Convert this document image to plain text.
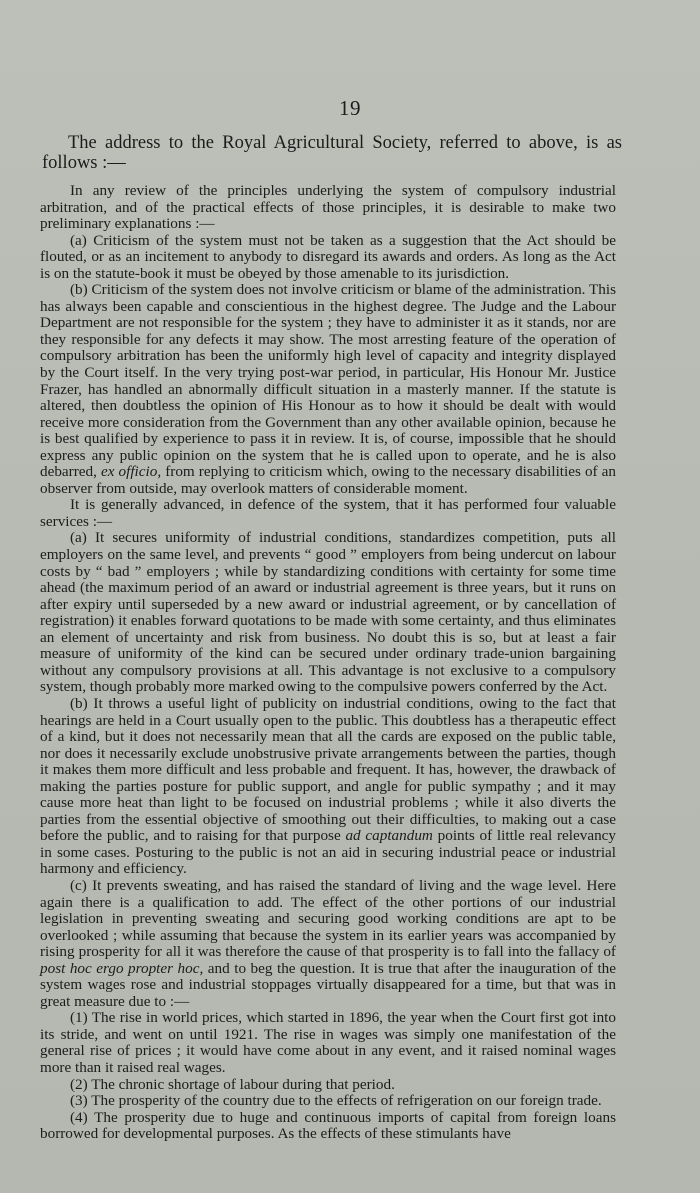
19

The address to the Royal Agricultural Society, referred to above, is as follows :—

In any review of the principles underlying the system of compulsory industrial arbitration, and of the practical effects of those principles, it is desirable to make two preliminary explanations :—

(a) Criticism of the system must not be taken as a suggestion that the Act should be flouted, or as an incitement to anybody to disregard its awards and orders. As long as the Act is on the statute-book it must be obeyed by those amenable to its jurisdiction.

(b) Criticism of the system does not involve criticism or blame of the administration. This has always been capable and conscientious in the highest degree. The Judge and the Labour Department are not responsible for the system ; they have to administer it as it stands, nor are they responsible for any defects it may show. The most arresting feature of the operation of compulsory arbitration has been the uniformly high level of capacity and integrity displayed by the Court itself. In the very trying post-war period, in particular, His Honour Mr. Justice Frazer, has handled an abnormally difficult situation in a masterly manner. If the statute is altered, then doubtless the opinion of His Honour as to how it should be dealt with would receive more consideration from the Government than any other available opinion, because he is best qualified by experience to pass it in review. It is, of course, impossible that he should express any public opinion on the system that he is called upon to operate, and he is also debarred, ex officio, from replying to criticism which, owing to the necessary disabilities of an observer from outside, may overlook matters of considerable moment.

It is generally advanced, in defence of the system, that it has performed four valuable services :—

(a) It secures uniformity of industrial conditions, standardizes competition, puts all employers on the same level, and prevents “ good ” employers from being undercut on labour costs by “ bad ” employers ; while by standardizing conditions with certainty for some time ahead (the maximum period of an award or industrial agreement is three years, but it runs on after expiry until superseded by a new award or industrial agreement, or by cancellation of registration) it enables forward quotations to be made with some certainty, and thus eliminates an element of uncertainty and risk from business. No doubt this is so, but at least a fair measure of uniformity of the kind can be secured under ordinary trade-union bargaining without any compulsory provisions at all. This advantage is not exclusive to a compulsory system, though probably more marked owing to the compulsive powers conferred by the Act.

(b) It throws a useful light of publicity on industrial conditions, owing to the fact that hearings are held in a Court usually open to the public. This doubtless has a therapeutic effect of a kind, but it does not necessarily mean that all the cards are exposed on the public table, nor does it necessarily exclude unobstrusive private arrangements between the parties, though it makes them more difficult and less probable and frequent. It has, however, the drawback of making the parties posture for public support, and angle for public sympathy ; and it may cause more heat than light to be focused on industrial problems ; while it also diverts the parties from the essential objective of smoothing out their difficulties, to making out a case before the public, and to raising for that purpose ad captandum points of little real relevancy in some cases. Posturing to the public is not an aid in securing industrial peace or industrial harmony and efficiency.

(c) It prevents sweating, and has raised the standard of living and the wage level. Here again there is a qualification to add. The effect of the other portions of our industrial legislation in preventing sweating and securing good working conditions are apt to be overlooked ; while assuming that because the system in its earlier years was accompanied by rising prosperity for all it was therefore the cause of that prosperity is to fall into the fallacy of post hoc ergo propter hoc, and to beg the question. It is true that after the inauguration of the system wages rose and industrial stoppages virtually disappeared for a time, but that was in great measure due to :—

(1) The rise in world prices, which started in 1896, the year when the Court first got into its stride, and went on until 1921. The rise in wages was simply one manifestation of the general rise of prices ; it would have come about in any event, and it raised nominal wages more than it raised real wages.

(2) The chronic shortage of labour during that period.

(3) The prosperity of the country due to the effects of refrigeration on our foreign trade.

(4) The prosperity due to huge and continuous imports of capital from foreign loans borrowed for developmental purposes. As the effects of these stimulants have
